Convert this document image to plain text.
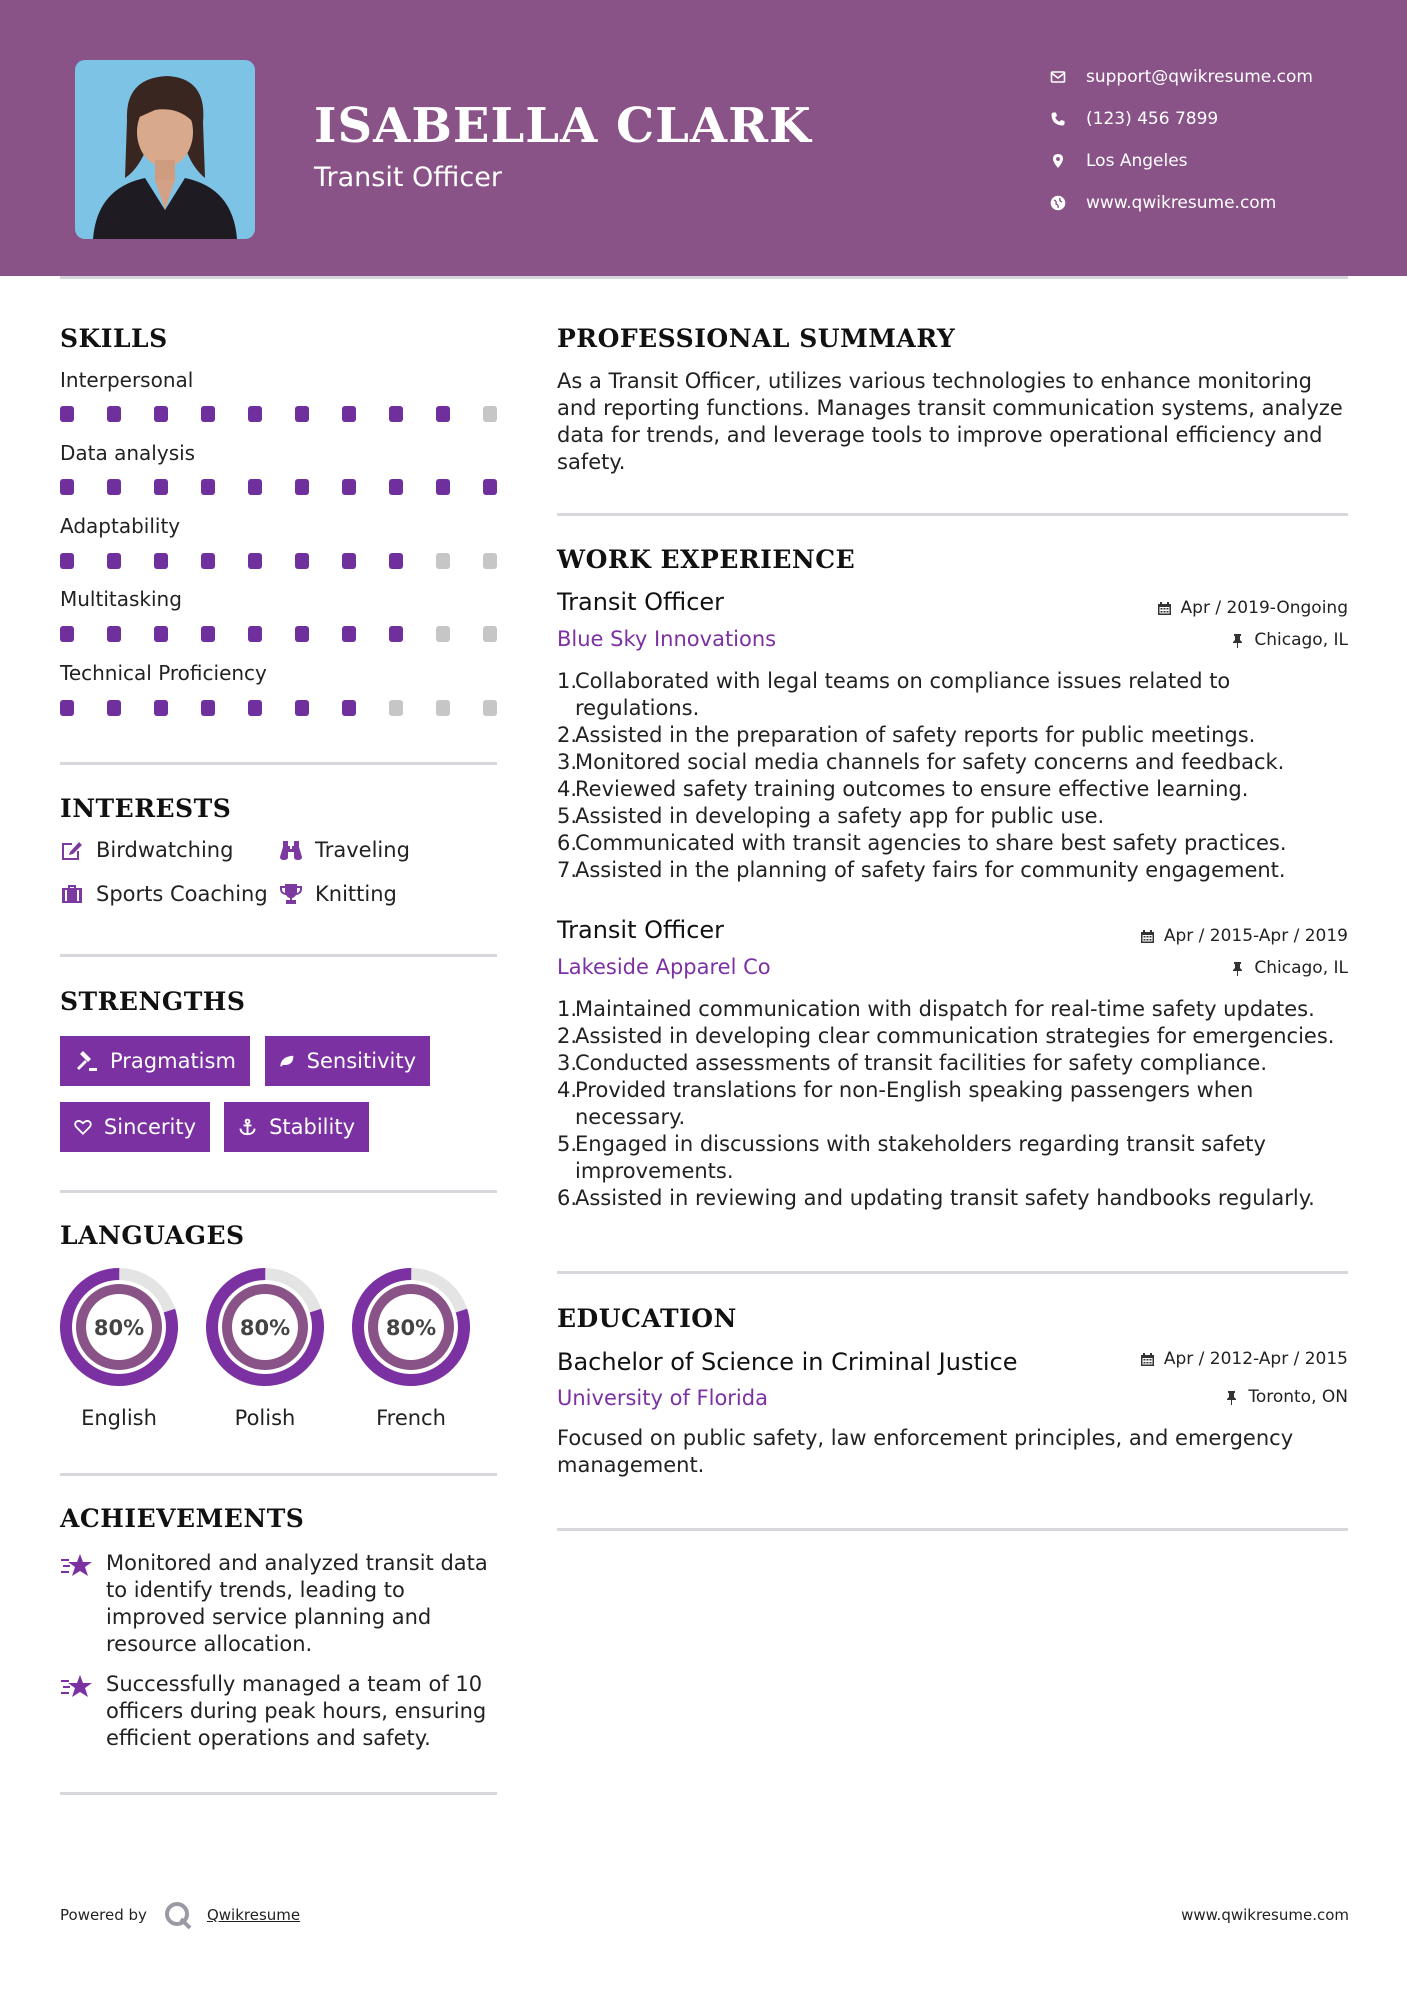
ISABELLA CLARK
Transit Officer
support@qwikresume.com
(123) 456 7899
Los Angeles
www.qwikresume.com
SKILLS
Interpersonal
Data analysis
Adaptability
Multitasking
Technical Proficiency
INTERESTS
Birdwatching	Traveling
Sports Coaching Knitting
STRENGTHS
Pragmatism	Sensitivity
Sincerity	Stability
LANGUAGES
80%
English
80%
Polish
80%
French
ACHIEVEMENTS
Monitored and analyzed transit data to identify trends, leading to improved service planning and resource allocation.
Successfully managed a team of 10 officers during peak hours, ensuring efficient operations and safety.
PROFESSIONAL SUMMARY
As a Transit Officer, utilizes various technologies to enhance monitoring and reporting functions. Manages transit communication systems, analyze data for trends, and leverage tools to improve operational efficiency and safety.
WORK EXPERIENCE
Transit Officer	Apr / 2019-Ongoing
Blue Sky Innovations	Chicago, IL
1.
Collaborated with legal teams on compliance issues related to regulations.
2.
Assisted in the preparation of safety reports for public meetings.
3.
Monitored social media channels for safety concerns and feedback.
4.
Reviewed safety training outcomes to ensure effective learning.
5.
Assisted in developing a safety app for public use.
6.
Communicated with transit agencies to share best safety practices.
7.
Assisted in the planning of safety fairs for community engagement.
Transit Officer	Apr / 2015-Apr / 2019
Lakeside Apparel Co	Chicago, IL
1.
Maintained communication with dispatch for real-time safety updates.
2.
Assisted in developing clear communication strategies for emergencies.
3.
Conducted assessments of transit facilities for safety compliance.
4.
Provided translations for non-English speaking passengers when necessary.
5.
Engaged in discussions with stakeholders regarding transit safety improvements.
6.
Assisted in reviewing and updating transit safety handbooks regularly.
EDUCATION
Bachelor of Science in Criminal Justice	Apr / 2012-Apr / 2015
University of Florida	Toronto, ON
Focused on public safety, law enforcement principles, and emergency management.
Powered by	Qwikresume	www.qwikresume.com
